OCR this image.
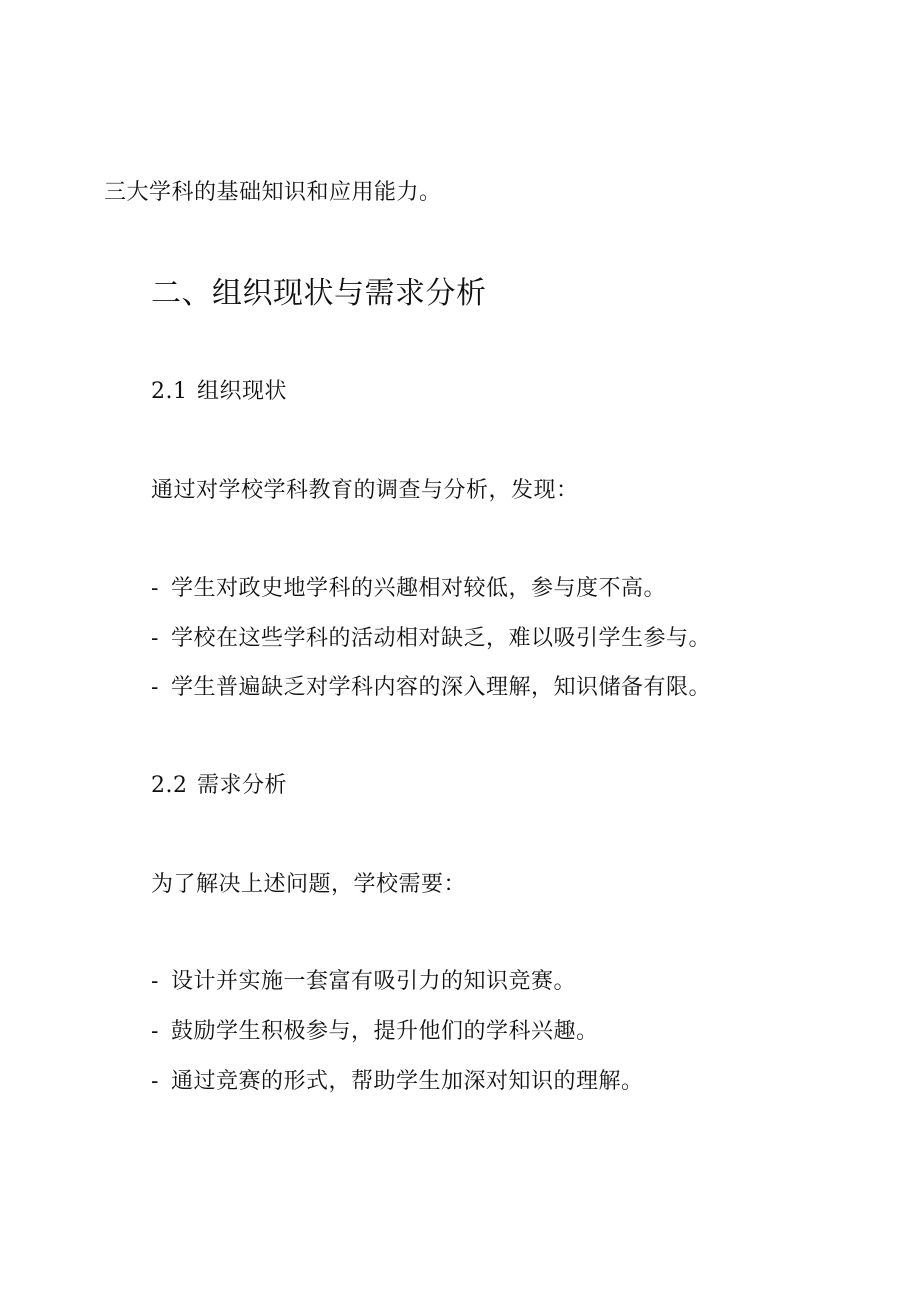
三大学科的基础知识和应用能力。
二、组织现状与需求分析
2.1 组织现状
通过对学校学科教育的调查与分析，发现：
- 学生对政史地学科的兴趣相对较低，参与度不高。
- 学校在这些学科的活动相对缺乏，难以吸引学生参与。
- 学生普遍缺乏对学科内容的深入理解，知识储备有限。
2.2 需求分析
为了解决上述问题，学校需要：
- 设计并实施一套富有吸引力的知识竞赛。
- 鼓励学生积极参与，提升他们的学科兴趣。
- 通过竞赛的形式，帮助学生加深对知识的理解。
